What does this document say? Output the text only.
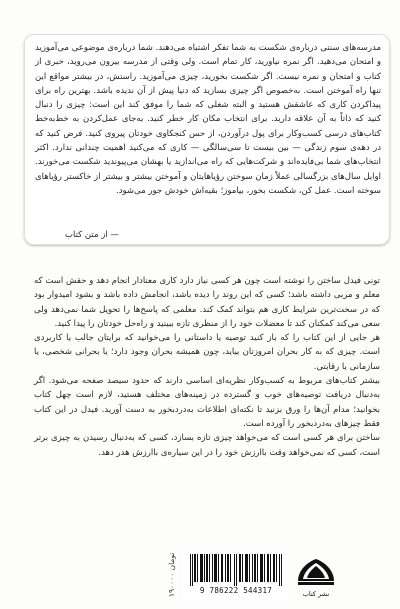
مدرسه‌های سنتی درباره‌ی شکست به شما تفکر اشتباه می‌دهند. شما درباره‌ی موضوعی می‌آموزید و امتحان می‌دهید. اگر نمره نیاورید، کار تمام است. ولی وقتی از مدرسه بیرون می‌روید، خبری از کتاب و امتحان و نمره نیست. اگر شکست بخورید، چیزی می‌آموزید. راستش، در بیشتر مواقع این تنها راه آموختن است. به‌خصوص اگر چیزی بسازید که دنیا پیش از آن ندیده باشد. بهترین راه برای پیداکردن کاری که عاشقش هستید و البته شغلی که شما را موفق کند این است: چیزی را دنبال کنید که ذاتاً به آن علاقه دارید. برای انتخاب مکان کار خطر کنید. به‌جای عمل‌کردن به خط‌به‌خط کتاب‌های درسی کسب‌وکار برای پول درآوردن، از حس کنجکاوی خودتان پیروی کنید. فرض کنید که در دهه‌ی سوم زندگی — بین بیست تا سی‌سالگی — کاری که می‌کنید اهمیت چندانی ندارد. اکثر انتخاب‌های شما بی‌فایده‌اند و شرکت‌هایی که راه می‌اندازید یا بهشان می‌پیوندید شکست می‌خورند. اوایل سال‌های بزرگسالی عملاً زمان سوختن رؤیاهایتان و آموختن بیشتر و بیشتر از خاکستر رؤیاهای سوخته است. عمل کن، شکست بخور، بیاموز؛ بقیه‌اش خودش جور می‌شود.

— از متن کتاب
تونی فیدل ساختن را نوشته است چون هر کسی نیاز دارد کاری معنادار انجام دهد و حقش است که معلم و مربی داشته باشد؛ کسی که این روند را دیده باشد، انجامش داده باشد و بشود امیدوار بود که در سخت‌ترین شرایط کاری هم بتواند کمک کند. معلمی که پاسخ‌ها را تحویل شما نمی‌دهد ولی سعی می‌کند کمکتان کند تا معضلات خود را از منظری تازه ببینید و راه‌حل خودتان را پیدا کنید.
هر جایی از این کتاب را که باز کنید توصیه یا داستانی را می‌خوانید که برایتان جالب یا کاربردی است. چیزی که به کار بحران امروزتان بیاید، چون همیشه بحران وجود دارد؛ یا بحرانی شخصی، یا سازمانی یا رقابتی.
بیشتر کتاب‌های مربوط به کسب‌وکار نظریه‌ای اساسی دارند که حدود سیصد صفحه می‌شود. اگر به‌دنبال دریافت توصیه‌های خوب و گسترده در زمینه‌های مختلف هستید، لازم است چهل کتاب بخوانید؛ مدام آن‌ها را ورق بزنید تا نکته‌ای اطلاعات به‌دردبخور به دست آورید. فیدل در این کتاب فقط چیزهای به‌دردبخور را آورده است.
ساختن برای هر کسی است که می‌خواهد چیزی تازه بسازد، کسی که به‌دنبال رسیدن به چیزی برتر است، کسی که نمی‌خواهد وقت باارزش خود را در این سیاره‌ی باارزش هدر دهد.
۱۹۰۰۰۰ تومان
9 786222 544317	نشر کتاب
